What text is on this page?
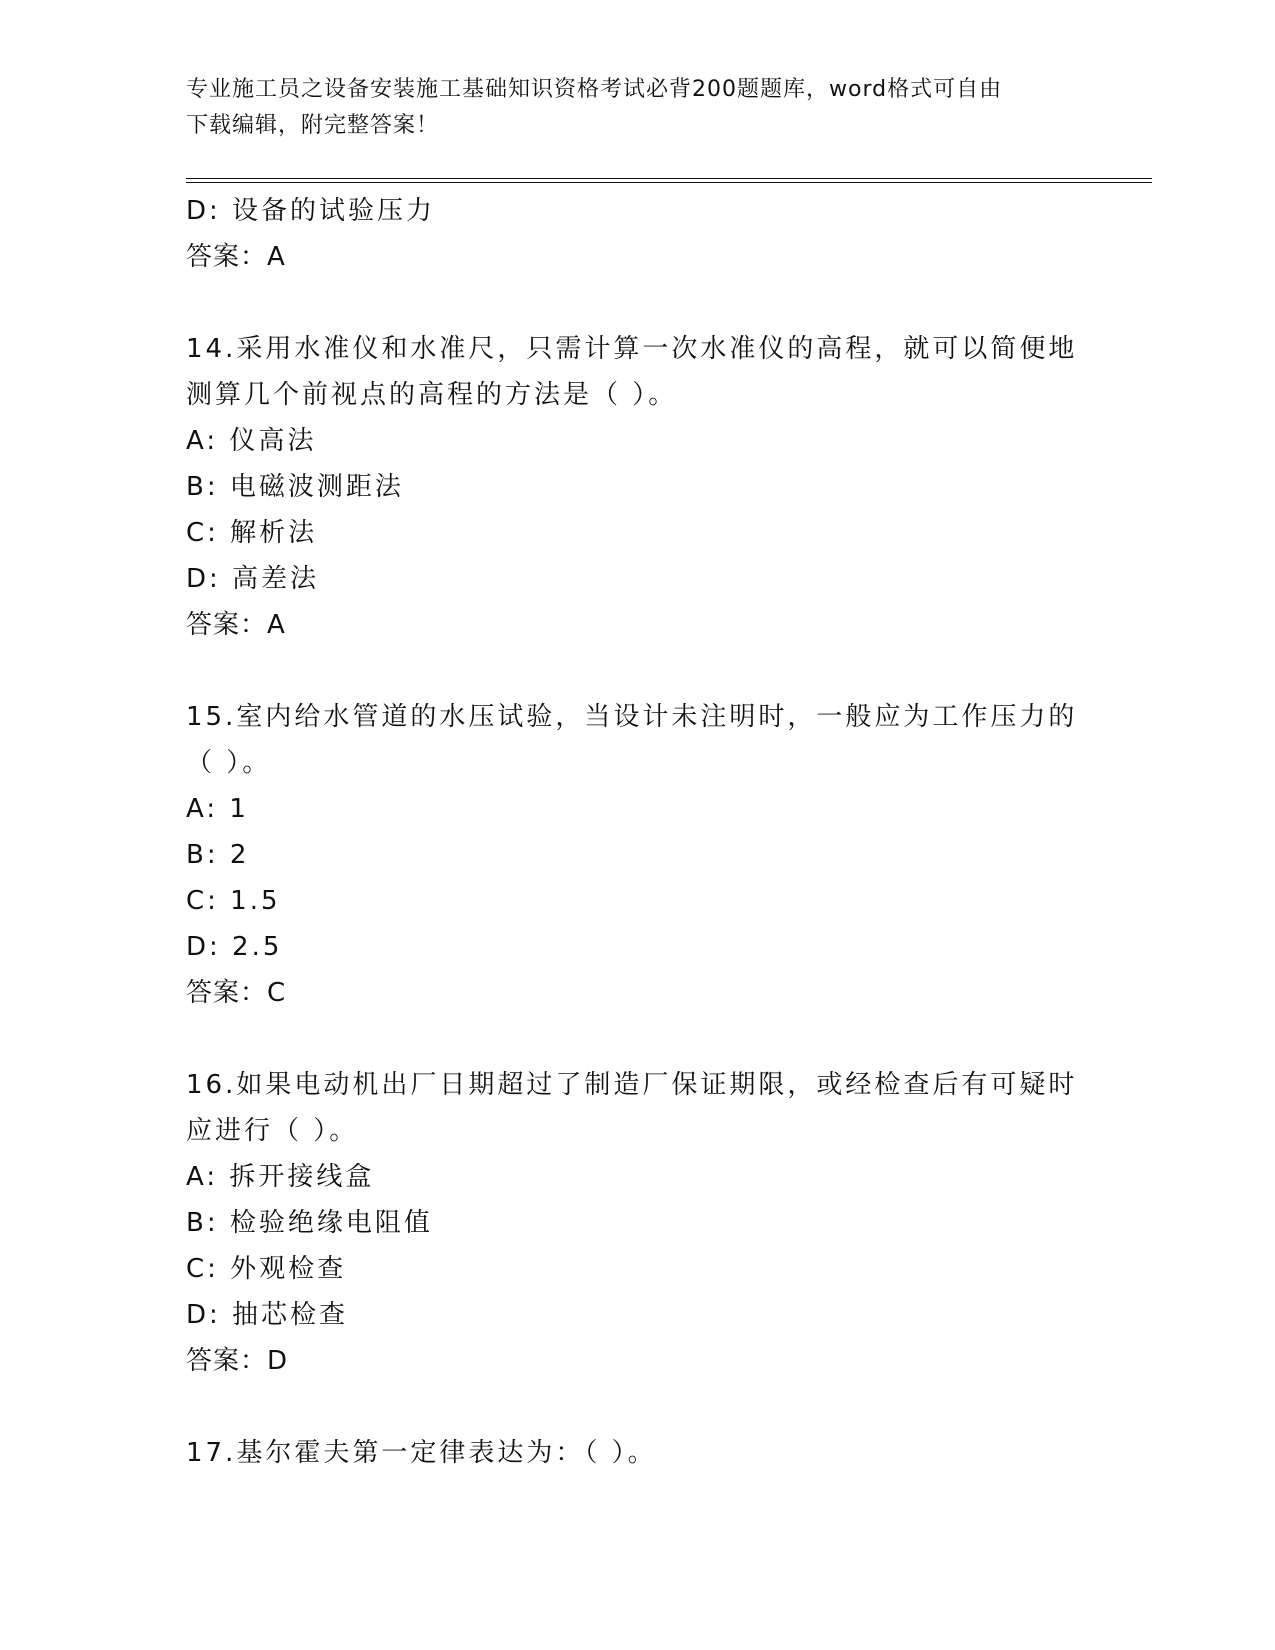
专业施工员之设备安装施工基础知识资格考试必背200题题库，word格式可自由
下载编辑，附完整答案！
D: 设备的试验压力
答案：A
14.采用水准仪和水准尺，只需计算一次水准仪的高程，就可以简便地
测算几个前视点的高程的方法是（ ）。
A: 仪高法
B: 电磁波测距法
C: 解析法
D: 高差法
答案：A
15.室内给水管道的水压试验，当设计未注明时，一般应为工作压力的
（ ）。
A: 1
B: 2
C: 1.5
D: 2.5
答案：C
16.如果电动机出厂日期超过了制造厂保证期限，或经检查后有可疑时
应进行（ ）。
A: 拆开接线盒
B: 检验绝缘电阻值
C: 外观检查
D: 抽芯检查
答案：D
17.基尔霍夫第一定律表达为：（ ）。
